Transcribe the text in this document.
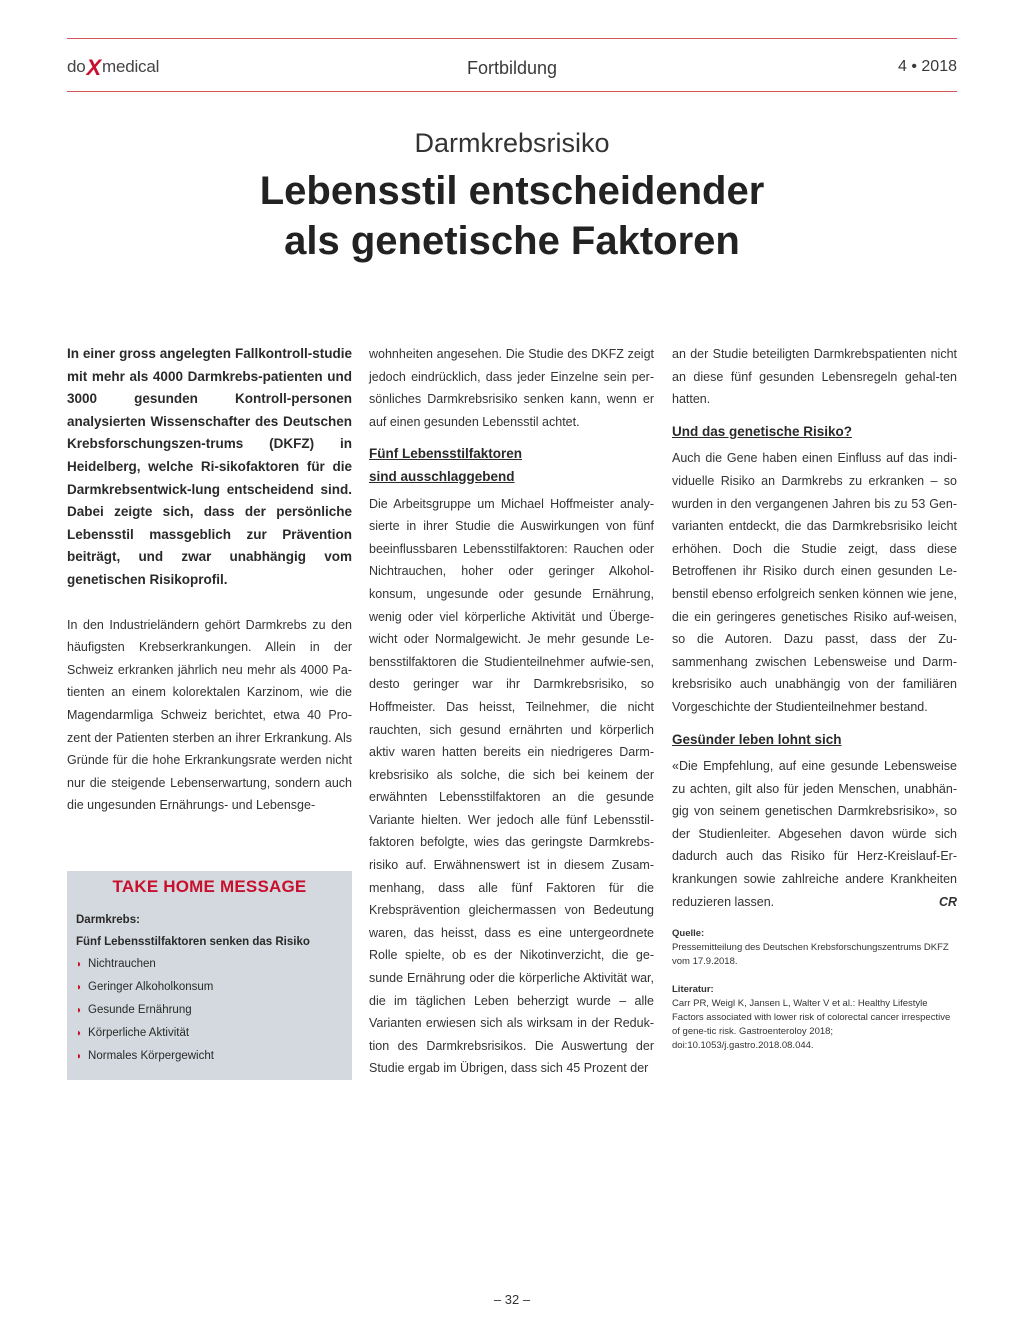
doXmedical	Fortbildung	4 • 2018
Darmkrebsrisiko
Lebensstil entscheidender
als genetische Faktoren

In einer gross angelegten Fallkontroll-studie mit mehr als 4000 Darmkrebs-patienten und 3000 gesunden Kontroll-personen analysierten Wissenschafter des Deutschen Krebsforschungszen-trums (DKFZ) in Heidelberg, welche Ri-sikofaktoren für die Darmkrebsentwick-lung entscheidend sind. Dabei zeigte sich, dass der persönliche Lebensstil massgeblich zur Prävention beiträgt, und zwar unabhängig vom genetischen Risikoprofil.

In den Industrieländern gehört Darmkrebs zu den häufigsten Krebserkrankungen. Allein in der Schweiz erkranken jährlich neu mehr als 4000 Pa-tienten an einem kolorektalen Karzinom, wie die Magendarmliga Schweiz berichtet, etwa 40 Pro-zent der Patienten sterben an ihrer Erkrankung. Als Gründe für die hohe Erkrankungsrate werden nicht nur die steigende Lebenserwartung, sondern auch die ungesunden Ernährungs- und Lebensge-

TAKE HOME MESSAGE
Darmkrebs:
Fünf Lebensstilfaktoren senken das Risiko
◗ Nichtrauchen
◗ Geringer Alkoholkonsum
◗ Gesunde Ernährung
◗ Körperliche Aktivität
◗ Normales Körpergewicht

wohnheiten angesehen. Die Studie des DKFZ zeigt jedoch eindrücklich, dass jeder Einzelne sein per-sönliches Darmkrebsrisiko senken kann, wenn er auf einen gesunden Lebensstil achtet.

Fünf Lebensstilfaktoren
sind ausschlaggebend

Die Arbeitsgruppe um Michael Hoffmeister analy-sierte in ihrer Studie die Auswirkungen von fünf beeinflussbaren Lebensstilfaktoren: Rauchen oder Nichtrauchen, hoher oder geringer Alkohol-konsum, ungesunde oder gesunde Ernährung, wenig oder viel körperliche Aktivität und Überge-wicht oder Normalgewicht. Je mehr gesunde Le-bensstilfaktoren die Studienteilnehmer aufwie-sen, desto geringer war ihr Darmkrebsrisiko, so Hoffmeister. Das heisst, Teilnehmer, die nicht rauchten, sich gesund ernährten und körperlich aktiv waren hatten bereits ein niedrigeres Darm-krebsrisiko als solche, die sich bei keinem der erwähnten Lebensstilfaktoren an die gesunde Variante hielten. Wer jedoch alle fünf Lebensstil-faktoren befolgte, wies das geringste Darmkrebs-risiko auf. Erwähnenswert ist in diesem Zusam-menhang, dass alle fünf Faktoren für die Krebsprävention gleichermassen von Bedeutung waren, das heisst, dass es eine untergeordnete Rolle spielte, ob es der Nikotinverzicht, die ge-sunde Ernährung oder die körperliche Aktivität war, die im täglichen Leben beherzigt wurde – alle Varianten erwiesen sich als wirksam in der Reduk-tion des Darmkrebsrisikos. Die Auswertung der Studie ergab im Übrigen, dass sich 45 Prozent der

an der Studie beteiligten Darmkrebspatienten nicht an diese fünf gesunden Lebensregeln gehal-ten hatten.

Und das genetische Risiko?

Auch die Gene haben einen Einfluss auf das indi-viduelle Risiko an Darmkrebs zu erkranken – so wurden in den vergangenen Jahren bis zu 53 Gen-varianten entdeckt, die das Darmkrebsrisiko leicht erhöhen. Doch die Studie zeigt, dass diese Betroffenen ihr Risiko durch einen gesunden Le-benstil ebenso erfolgreich senken können wie jene, die ein geringeres genetisches Risiko auf-weisen, so die Autoren. Dazu passt, dass der Zu-sammenhang zwischen Lebensweise und Darm-krebsrisiko auch unabhängig von der familiären Vorgeschichte der Studienteilnehmer bestand.

Gesünder leben lohnt sich

«Die Empfehlung, auf eine gesunde Lebensweise zu achten, gilt also für jeden Menschen, unabhän-gig von seinem genetischen Darmkrebsrisiko», so der Studienleiter. Abgesehen davon würde sich dadurch auch das Risiko für Herz-Kreislauf-Er-krankungen sowie zahlreiche andere Krankheiten reduzieren lassen.	CR

Quelle:
Pressemitteilung des Deutschen Krebsforschungszentrums DKFZ vom 17.9.2018.
Literatur:
Carr PR, Weigl K, Jansen L, Walter V et al.: Healthy Lifestyle Factors associated with lower risk of colorectal cancer irrespective of gene-tic risk. Gastroenteroloy 2018; doi:10.1053/j.gastro.2018.08.044.
– 32 –
